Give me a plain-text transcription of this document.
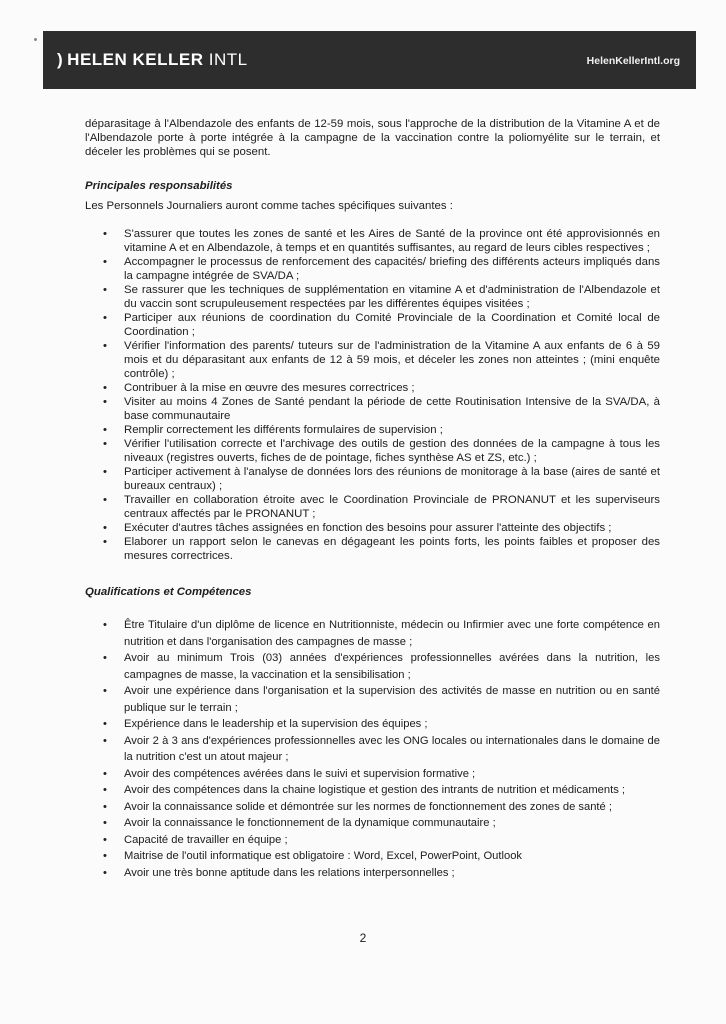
) HELEN KELLER INTL	HelenKellerIntl.org

déparasitage à l'Albendazole des enfants de 12-59 mois, sous l'approche de la distribution de la Vitamine A et de l'Albendazole porte à porte intégrée à la campagne de la vaccination contre la poliomyélite sur le terrain, et déceler les problèmes qui se posent.

Principales responsabilités

Les Personnels Journaliers auront comme taches spécifiques suivantes :

• S'assurer que toutes les zones de santé et les Aires de Santé de la province ont été approvisionnés en vitamine A et en Albendazole, à temps et en quantités suffisantes, au regard de leurs cibles respectives ;
• Accompagner le processus de renforcement des capacités/ briefing des différents acteurs impliqués dans la campagne intégrée de SVA/DA ;
• Se rassurer que les techniques de supplémentation en vitamine A et d'administration de l'Albendazole et du vaccin sont scrupuleusement respectées par les différentes équipes visitées ;
• Participer aux réunions de coordination du Comité Provinciale de la Coordination et Comité local de Coordination ;
• Vérifier l'information des parents/ tuteurs sur de l'administration de la Vitamine A aux enfants de 6 à 59 mois et du déparasitant aux enfants de 12 à 59 mois, et déceler les zones non atteintes ; (mini enquête contrôle) ;
• Contribuer à la mise en œuvre des mesures correctrices ;
• Visiter au moins 4 Zones de Santé pendant la période de cette Routinisation Intensive de la SVA/DA, à base communautaire
• Remplir correctement les différents formulaires de supervision ;
• Vérifier l'utilisation correcte et l'archivage des outils de gestion des données de la campagne à tous les niveaux (registres ouverts, fiches de de pointage, fiches synthèse AS et ZS, etc.) ;
• Participer activement à l'analyse de données lors des réunions de monitorage à la base (aires de santé et bureaux centraux) ;
• Travailler en collaboration étroite avec le Coordination Provinciale de PRONANUT et les superviseurs centraux affectés par le PRONANUT ;
• Exécuter d'autres tâches assignées en fonction des besoins pour assurer l'atteinte des objectifs ;
• Elaborer un rapport selon le canevas en dégageant les points forts, les points faibles et proposer des mesures correctrices.

Qualifications et Compétences

• Être Titulaire d'un diplôme de licence en Nutritionniste, médecin ou Infirmier avec une forte compétence en nutrition et dans l'organisation des campagnes de masse ;
• Avoir au minimum Trois (03) années d'expériences professionnelles avérées dans la nutrition, les campagnes de masse, la vaccination et la sensibilisation ;
• Avoir une expérience dans l'organisation et la supervision des activités de masse en nutrition ou en santé publique sur le terrain ;
• Expérience dans le leadership et la supervision des équipes ;
• Avoir 2 à 3 ans d'expériences professionnelles avec les ONG locales ou internationales dans le domaine de la nutrition c'est un atout majeur ;
• Avoir des compétences avérées dans le suivi et supervision formative ;
• Avoir des compétences dans la chaine logistique et gestion des intrants de nutrition et médicaments ;
• Avoir la connaissance solide et démontrée sur les normes de fonctionnement des zones de santé ;
• Avoir la connaissance le fonctionnement de la dynamique communautaire ;
• Capacité de travailler en équipe ;
• Maitrise de l'outil informatique est obligatoire : Word, Excel, PowerPoint, Outlook
• Avoir une très bonne aptitude dans les relations interpersonnelles ;
2
